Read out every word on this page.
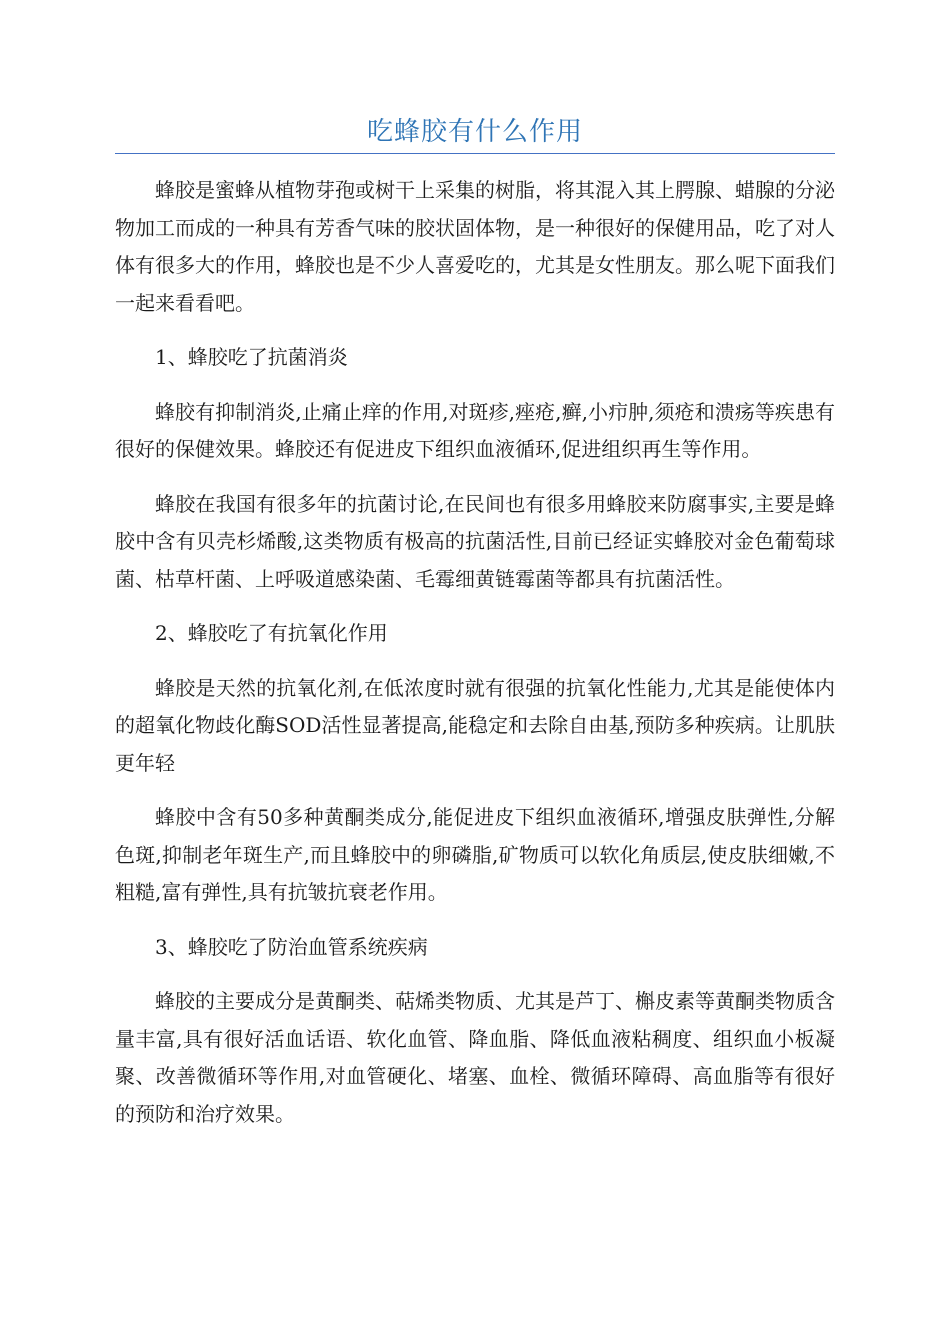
吃蜂胶有什么作用

蜂胶是蜜蜂从植物芽孢或树干上采集的树脂，将其混入其上腭腺、蜡腺的分泌物加工而成的一种具有芳香气味的胶状固体物，是一种很好的保健用品，吃了对人体有很多大的作用，蜂胶也是不少人喜爱吃的，尤其是女性朋友。那么呢下面我们一起来看看吧。

1、蜂胶吃了抗菌消炎

蜂胶有抑制消炎,止痛止痒的作用,对斑疹,痤疮,癣,小疖肿,须疮和溃疡等疾患有很好的保健效果。蜂胶还有促进皮下组织血液循环,促进组织再生等作用。

蜂胶在我国有很多年的抗菌讨论,在民间也有很多用蜂胶来防腐事实,主要是蜂胶中含有贝壳杉烯酸,这类物质有极高的抗菌活性,目前已经证实蜂胶对金色葡萄球菌、枯草杆菌、上呼吸道感染菌、毛霉细黄链霉菌等都具有抗菌活性。

2、蜂胶吃了有抗氧化作用

蜂胶是天然的抗氧化剂,在低浓度时就有很强的抗氧化性能力,尤其是能使体内的超氧化物歧化酶SOD活性显著提高,能稳定和去除自由基,预防多种疾病。让肌肤更年轻

蜂胶中含有50多种黄酮类成分,能促进皮下组织血液循环,增强皮肤弹性,分解色斑,抑制老年斑生产,而且蜂胶中的卵磷脂,矿物质可以软化角质层,使皮肤细嫩,不粗糙,富有弹性,具有抗皱抗衰老作用。

3、蜂胶吃了防治血管系统疾病

蜂胶的主要成分是黄酮类、萜烯类物质、尤其是芦丁、槲皮素等黄酮类物质含量丰富,具有很好活血话语、软化血管、降血脂、降低血液粘稠度、组织血小板凝聚、改善微循环等作用,对血管硬化、堵塞、血栓、微循环障碍、高血脂等有很好的预防和治疗效果。
